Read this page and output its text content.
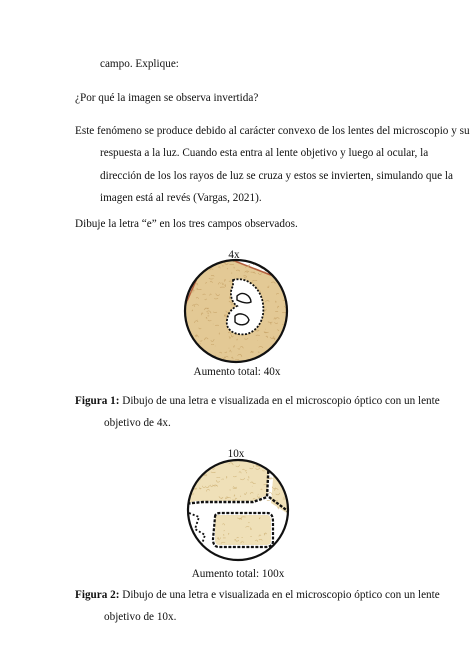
campo. Explique:
¿Por qué la imagen se observa invertida?
Este fenómeno se produce debido al carácter convexo de los lentes del microscopio y su
respuesta a la luz. Cuando esta entra al lente objetivo y luego al ocular, la
dirección de los los rayos de luz se cruza y estos se invierten, simulando que la
imagen está al revés (Vargas, 2021).
Dibuje la letra “e” en los tres campos observados.
4x
Aumento total: 40x
Figura 1: Dibujo de una letra e visualizada en el microscopio óptico con un lente
objetivo de 4x.
10x
Aumento total: 100x
Figura 2: Dibujo de una letra e visualizada en el microscopio óptico con un lente
objetivo de 10x.
